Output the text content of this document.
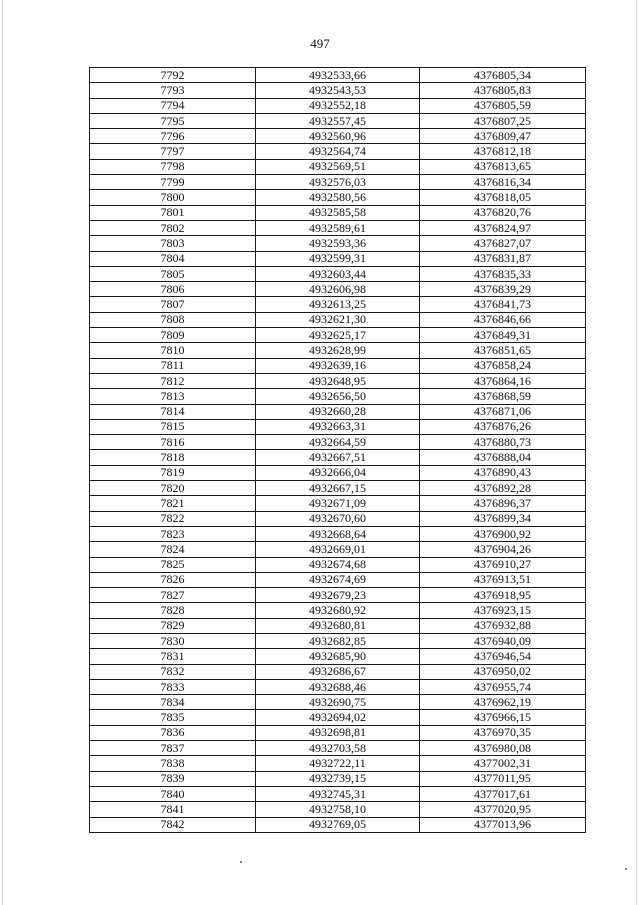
497
7792	4932533,66	4376805,34
7793	4932543,53	4376805,83
7794	4932552,18	4376805,59
7795	4932557,45	4376807,25
7796	4932560,96	4376809,47
7797	4932564,74	4376812,18
7798	4932569,51	4376813,65
7799	4932576,03	4376816,34
7800	4932580,56	4376818,05
7801	4932585,58	4376820,76
7802	4932589,61	4376824,97
7803	4932593,36	4376827,07
7804	4932599,31	4376831,87
7805	4932603,44	4376835,33
7806	4932606,98	4376839,29
7807	4932613,25	4376841,73
7808	4932621,30	4376846,66
7809	4932625,17	4376849,31
7810	4932628,99	4376851,65
7811	4932639,16	4376858,24
7812	4932648,95	4376864,16
7813	4932656,50	4376868,59
7814	4932660,28	4376871,06
7815	4932663,31	4376876,26
7816	4932664,59	4376880,73
7818	4932667,51	4376888,04
7819	4932666,04	4376890,43
7820	4932667,15	4376892,28
7821	4932671,09	4376896,37
7822	4932670,60	4376899,34
7823	4932668,64	4376900,92
7824	4932669,01	4376904,26
7825	4932674,68	4376910,27
7826	4932674,69	4376913,51
7827	4932679,23	4376918,95
7828	4932680,92	4376923,15
7829	4932680,81	4376932,88
7830	4932682,85	4376940,09
7831	4932685,90	4376946,54
7832	4932686,67	4376950,02
7833	4932688,46	4376955,74
7834	4932690,75	4376962,19
7835	4932694,02	4376966,15
7836	4932698,81	4376970,35
7837	4932703,58	4376980,08
7838	4932722,11	4377002,31
7839	4932739,15	4377011,95
7840	4932745,31	4377017,61
7841	4932758,10	4377020,95
7842	4932769,05	4377013,96
